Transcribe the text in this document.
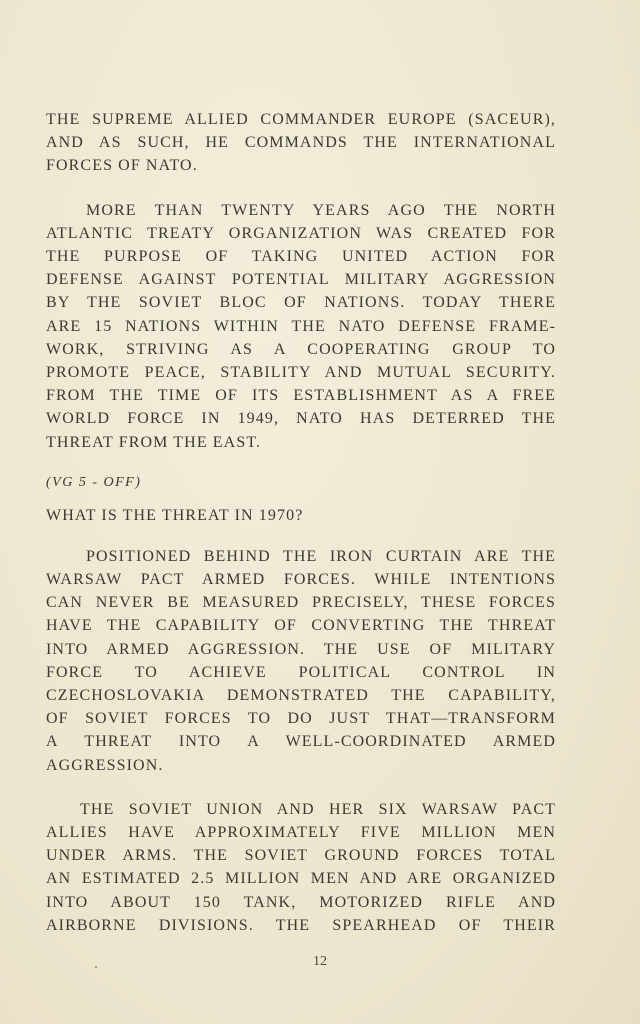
THE SUPREME ALLIED COMMANDER EUROPE (SACEUR),
AND AS SUCH, HE COMMANDS THE INTERNATIONAL
FORCES OF NATO.

MORE THAN TWENTY YEARS AGO THE NORTH
ATLANTIC TREATY ORGANIZATION WAS CREATED FOR
THE PURPOSE OF TAKING UNITED ACTION FOR
DEFENSE AGAINST POTENTIAL MILITARY AGGRESSION
BY THE SOVIET BLOC OF NATIONS. TODAY THERE
ARE 15 NATIONS WITHIN THE NATO DEFENSE FRAME-
WORK, STRIVING AS A COOPERATING GROUP TO
PROMOTE PEACE, STABILITY AND MUTUAL SECURITY.
FROM THE TIME OF ITS ESTABLISHMENT AS A FREE
WORLD FORCE IN 1949, NATO HAS DETERRED THE
THREAT FROM THE EAST.

(VG 5 - OFF)
WHAT IS THE THREAT IN 1970?

POSITIONED BEHIND THE IRON CURTAIN ARE THE
WARSAW PACT ARMED FORCES. WHILE INTENTIONS
CAN NEVER BE MEASURED PRECISELY, THESE FORCES
HAVE THE CAPABILITY OF CONVERTING THE THREAT
INTO ARMED AGGRESSION. THE USE OF MILITARY
FORCE TO ACHIEVE POLITICAL CONTROL IN
CZECHOSLOVAKIA DEMONSTRATED THE CAPABILITY,
OF SOVIET FORCES TO DO JUST THAT—TRANSFORM
A THREAT INTO A WELL-COORDINATED ARMED
AGGRESSION.

THE SOVIET UNION AND HER SIX WARSAW PACT
ALLIES HAVE APPROXIMATELY FIVE MILLION MEN
UNDER ARMS. THE SOVIET GROUND FORCES TOTAL
AN ESTIMATED 2.5 MILLION MEN AND ARE ORGANIZED
INTO ABOUT 150 TANK, MOTORIZED RIFLE AND
AIRBORNE DIVISIONS. THE SPEARHEAD OF THEIR

12
